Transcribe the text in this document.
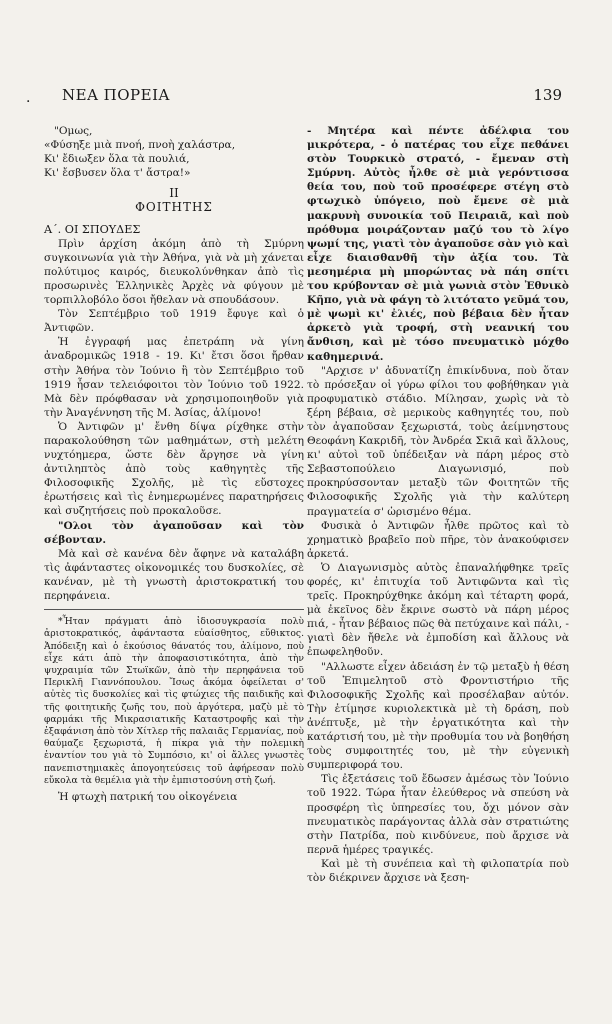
· ΝΕΑ ΠΟΡΕΙΑ	139
"Ομως,
«Φύσηξε μιὰ πνοή, πνοὴ χαλάστρα,
Κι' ἔδιωξεν ὅλα τὰ πουλιά,
Κι' ἔσβυσεν ὅλα τ' ἄστρα!»
ΙΙ
ΦΟΙΤΗΤΗΣ
Α΄. ΟΙ ΣΠΟΥΔΕΣ

Πρὶν ἀρχίση ἀκόμη ἀπὸ τὴ Σμύρνη συγκοινωνία γιὰ τὴν Ἀθήνα, γιὰ νὰ μὴ χάνεται πολύτιμος καιρός, διευκολύνθηκαν ἀπὸ τὶς προσωρινὲς Ἑλληνικὲς Ἀρχὲς νὰ φύγουν μὲ τορπιλλοβόλο ὅσοι ἤθελαν νὰ σπουδάσουν.

Τὸν Σεπτέμβριο τοῦ 1919 ἔφυγε καὶ ὁ Ἀντιφῶν.

Ἡ ἐγγραφή μας ἐπετράπη νὰ γίνη ἀναδρομικῶς 1918 - 19. Κι' ἔτσι ὅσοι ἤρθαν στὴν Ἀθήνα τὸν Ἰούνιο ἢ τὸν Σεπτέμβριο τοῦ 1919 ἦσαν τελειόφοιτοι τὸν Ἰούνιο τοῦ 1922. Μὰ δὲν πρόφθασαν νὰ χρησιμοποιηθοῦν γιὰ τὴν Ἀναγέννηση τῆς Μ. Ἀσίας, ἀλίμονο!

Ὁ Ἀντιφῶν μ' ἔνθη δίψα ρίχθηκε στὴν παρακολούθηση τῶν μαθημάτων, στὴ μελέτη νυχτόημερα, ὥστε δὲν ἄργησε νὰ γίνη ἀντιληπτὸς ἀπὸ τοὺς καθηγητὲς τῆς Φιλοσοφικῆς Σχολῆς, μὲ τὶς εὔστοχες ἐρωτήσεις καὶ τὶς ἐνημερωμένες παρατηρήσεις καὶ συζητήσεις ποὺ προκαλοῦσε.

"Ολοι τὸν ἀγαποῦσαν καὶ τὸν σέβονταν.

Μὰ καὶ σὲ κανένα δὲν ἄφηνε νὰ καταλάβη τὶς ἀφάνταστες οἰκονομικές του δυσκολίες, σὲ κανέναν, μὲ τὴ γνωστὴ ἀριστοκρατική του περηφάνεια.

*Ἦταν πράγματι ἀπὸ ἰδιοσυγκρασία πολὺ ἀριστοκρατικός, ἀφάνταστα εὐαίσθητος, εὔθικτος. Ἀπόδειξη καὶ ὁ ἑκούσιος θάνατός του, ἀλίμονο, ποὺ εἶχε κάτι ἀπὸ τὴν ἀποφασιστικότητα, ἀπὸ τὴν ψυχραιμία τῶν Στωϊκῶν, ἀπὸ τὴν περηφάνεια τοῦ Περικλῆ Γιαννόπουλου. Ἴσως ἀκόμα ὀφείλεται σ' αὐτὲς τὶς δυσκολίες καὶ τὶς φτώχιες τῆς παιδικῆς καὶ τῆς φοιτητικῆς ζωῆς του, ποὺ ἀργότερα, μαζὺ μὲ τὸ φαρμάκι τῆς Μικρασιατικῆς Καταστροφῆς καὶ τὴν ἐξαφάνιση ἀπὸ τὸν Χίτλερ τῆς παλαιᾶς Γερμανίας, ποὺ θαύμαζε ξεχωριστά, ἡ πίκρα γιὰ τὴν πολεμικὴ ἐναντίον του γιὰ τὸ Συμπόσιο, κι' οἱ ἄλλες γνωστὲς πανεπιστημιακὲς ἀπογοητεύσεις τοῦ ἀφήρεσαν πολὺ εὔκολα τὰ θεμέλια γιὰ τὴν ἐμπιστοσύνη στὴ ζωή.

Ἡ φτωχὴ πατρική του οἰκογένεια

- Μητέρα καὶ πέντε ἀδέλφια του μικρότερα, - ὁ πατέρας του εἶχε πεθάνει στὸν Τουρκικὸ στρατό, - ἔμεναν στὴ Σμύρνη. Αὐτὸς ἦλθε σὲ μιὰ γερόντισσα θεία του, ποὺ τοῦ προσέφερε στέγη στὸ φτωχικὸ ὑπόγειο, ποὺ ἔμενε σὲ μιὰ μακρυνὴ συνοικία τοῦ Πειραιᾶ, καὶ ποὺ πρόθυμα μοιράζονταν μαζύ του τὸ λίγο ψωμί της, γιατὶ τὸν ἀγαποῦσε σὰν γιὸ καὶ εἶχε διαισθανθῆ τὴν ἀξία του. Τὰ μεσημέρια μὴ μπορώντας νὰ πάη σπίτι του κρύβονταν σὲ μιὰ γωνιὰ στὸν Ἐθνικὸ Κῆπο, γιὰ νὰ φάγη τὸ λιτότατο γεῦμά του, μὲ ψωμὶ κι' ἐλιές, ποὺ βέβαια δὲν ἦταν ἀρκετὸ γιὰ τροφή, στὴ νεανική του ἄνθιση, καὶ μὲ τόσο πνευματικὸ μόχθο καθημερινά.

"Αρχισε ν' ἀδυνατίζη ἐπικίνδυνα, ποὺ ὅταν τὸ πρόσεξαν οἱ γύρω φίλοι του φοβήθηκαν γιὰ προφυματικὸ στάδιο. Μίλησαν, χωρὶς νὰ τὸ ξέρη βέβαια, σὲ μερικοὺς καθηγητές του, ποὺ τὸν ἀγαποῦσαν ξεχωριστά, τοὺς ἀείμνηστους Θεοφάνη Κακριδῆ, τὸν Ἀνδρέα Σκιᾶ καὶ ἄλλους, κι' αὐτοὶ τοῦ ὑπέδειξαν νὰ πάρη μέρος στὸ Σεβαστοπούλειο Διαγωνισμό, ποὺ προκηρύσσονταν μεταξὺ τῶν Φοιτητῶν τῆς Φιλοσοφικῆς Σχολῆς γιὰ τὴν καλύτερη πραγματεία σ' ὡρισμένο θέμα.

Φυσικὰ ὁ Ἀντιφῶν ἦλθε πρῶτος καὶ τὸ χρηματικὸ βραβεῖο ποὺ πῆρε, τὸν ἀνακούφισεν ἀρκετά.

Ὁ Διαγωνισμὸς αὐτὸς ἐπαναλήφθηκε τρεῖς φορές, κι' ἐπιτυχία τοῦ Ἀντιφῶντα καὶ τὶς τρεῖς. Προκηρύχθηκε ἀκόμη καὶ τέταρτη φορά, μὰ ἐκεῖνος δὲν ἔκρινε σωστὸ νὰ πάρη μέρος πιά, - ἦταν βέβαιος πῶς θὰ πετύχαινε καὶ πάλι, - γιατὶ δὲν ἤθελε νὰ ἐμποδίση καὶ ἄλλους νὰ ἐπωφεληθοῦν.

"Αλλωστε εἶχεν ἀδειάση ἐν τῷ μεταξὺ ἡ θέση τοῦ Ἐπιμελητοῦ στὸ Φροντιστήριο τῆς Φιλοσοφικῆς Σχολῆς καὶ προσέλαβαν αὐτόν. Τὴν ἐτίμησε κυριολεκτικὰ μὲ τὴ δράση, ποὺ ἀνέπτυξε, μὲ τὴν ἐργατικότητα καὶ τὴν κατάρτισή του, μὲ τὴν προθυμία του νὰ βοηθήση τοὺς συμφοιτητές του, μὲ τὴν εὐγενικὴ συμπεριφορά του.

Τὶς ἐξετάσεις τοῦ ἔδωσεν ἀμέσως τὸν Ἰούνιο τοῦ 1922. Τώρα ἦταν ἐλεύθερος νὰ σπεύση νὰ προσφέρη τὶς ὑπηρεσίες του, ὄχι μόνον σὰν πνευματικὸς παράγοντας ἀλλὰ σὰν στρατιώτης στὴν Πατρίδα, ποὺ κινδύνευε, ποὺ ἄρχισε νὰ περνᾶ ἡμέρες τραγικές.

Καὶ μὲ τὴ συνέπεια καὶ τὴ φιλοπατρία ποὺ τὸν διέκρινεν ἄρχισε νὰ ξεση-
